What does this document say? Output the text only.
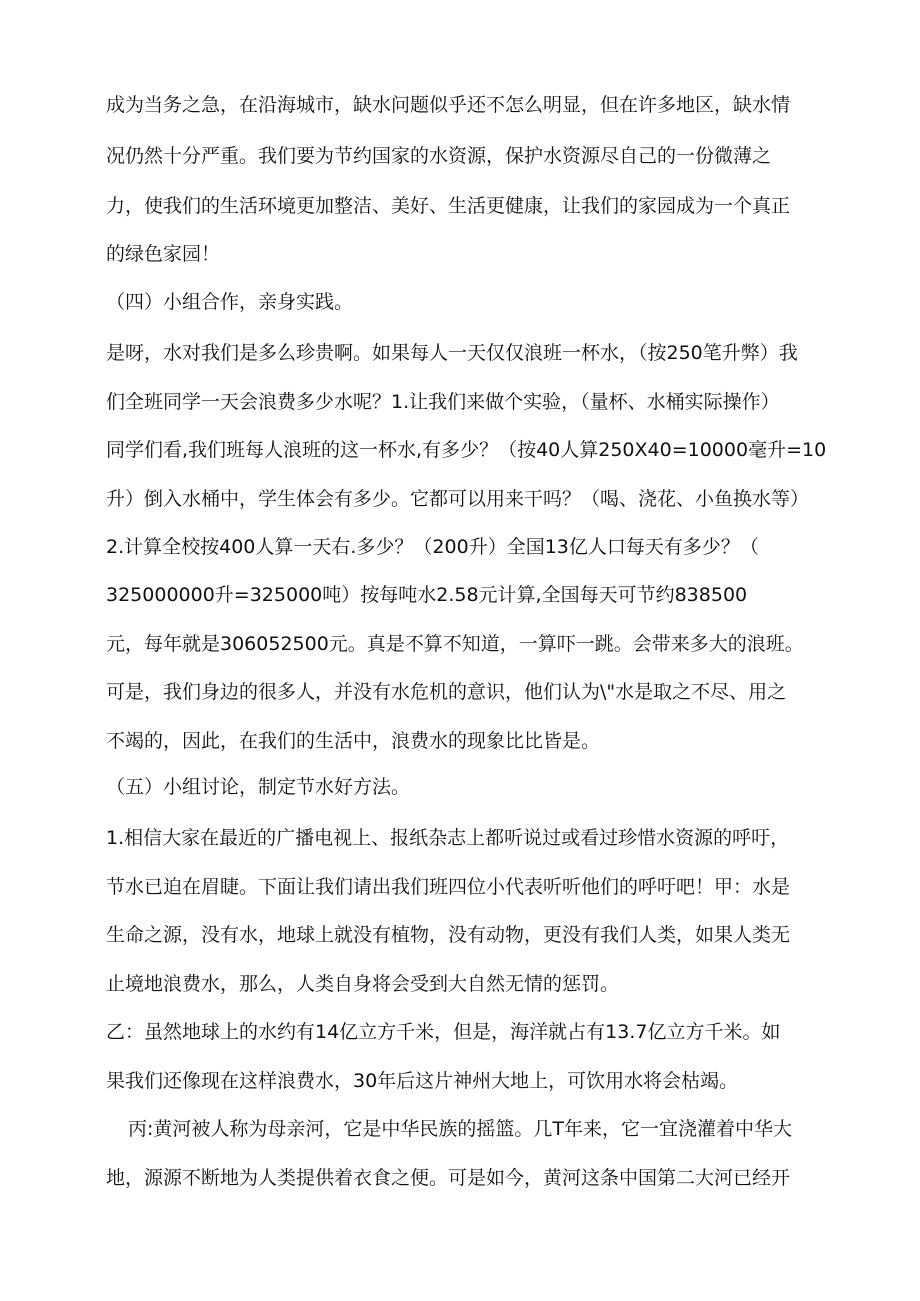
成为当务之急，在沿海城市，缺水问题似乎还不怎么明显，但在许多地区，缺水情

况仍然十分严重。我们要为节约国家的水资源，保护水资源尽自己的一份微薄之

力，使我们的生活环境更加整洁、美好、生活更健康，让我们的家园成为一个真正

的绿色家园！

（四）小组合作，亲身实践。

是呀，水对我们是多么珍贵啊。如果每人一天仅仅浪班一杯水，（按250笔升弊）我

们全班同学一天会浪费多少水呢？1.让我们来做个实验，（量杯、水桶实际操作）

同学们看,我们班每人浪班的这一杯水,有多少？（按40人算250X40=10000毫升=10

升）倒入水桶中，学生体会有多少。它都可以用来干吗？（喝、浇花、小鱼换水等）

2.计算全校按400人算一天右.多少？（200升）全国13亿人口每天有多少？（

325000000升=325000吨）按每吨水2.58元计算,全国每天可节约838500

元，每年就是306052500元。真是不算不知道，一算吓一跳。会带来多大的浪班。

可是，我们身边的很多人，并没有水危机的意识，他们认为\"水是取之不尽、用之

不竭的，因此，在我们的生活中，浪费水的现象比比皆是。

（五）小组讨论，制定节水好方法。

1.相信大家在最近的广播电视上、报纸杂志上都听说过或看过珍惜水资源的呼吁，

节水已迫在眉睫。下面让我们请出我们班四位小代表听听他们的呼吁吧！甲：水是

生命之源，没有水，地球上就没有植物，没有动物，更没有我们人类，如果人类无

止境地浪费水，那么，人类自身将会受到大自然无情的惩罚。

乙：虽然地球上的水约有14亿立方千米，但是，海洋就占有13.7亿立方千米。如

果我们还像现在这样浪费水，30年后这片神州大地上，可饮用水将会枯竭。

丙:黄河被人称为母亲河，它是中华民族的摇篮。几T年来，它一宜浇灌着中华大

地，源源不断地为人类提供着衣食之便。可是如今，黄河这条中国第二大河已经开
